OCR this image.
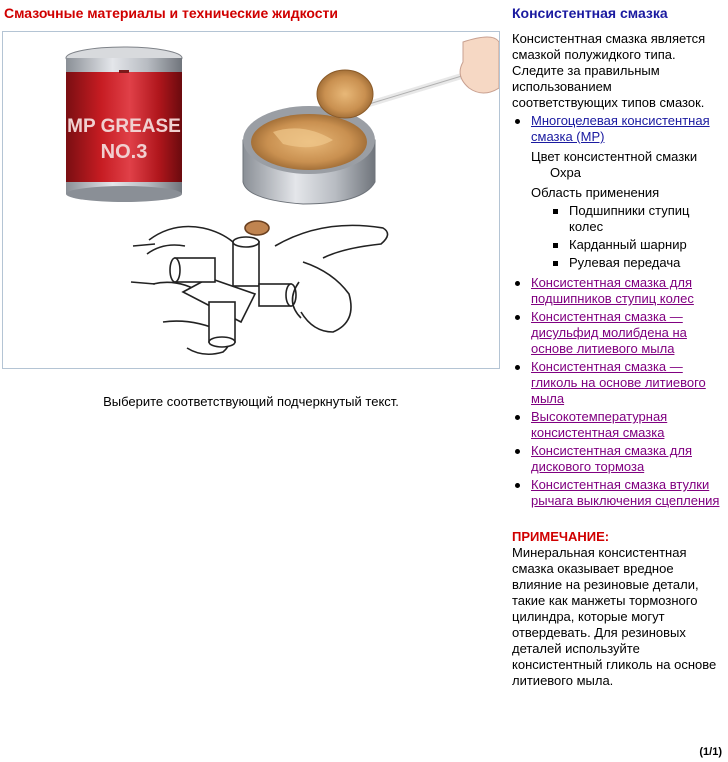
Смазочные материалы и технические жидкости
MP GREASE
NO.3
Выберите соответствующий подчеркнутый текст.
Консистентная смазка

Консистентная смазка является смазкой полужидкого типа. Следите за правильным использованием соответствующих типов смазок.

Многоцелевая консистентная смазка (MP)
Цвет консистентной смазки
Охра
Область применения
Подшипники ступиц колес
Карданный шарнир
Рулевая передача
Консистентная смазка для подшипников ступиц колес
Консистентная смазка — дисульфид молибдена на основе литиевого мыла
Консистентная смазка — гликоль на основе литиевого мыла
Высокотемпературная консистентная смазка
Консистентная смазка для дискового тормоза
Консистентная смазка втулки рычага выключения сцепления
ПРИМЕЧАНИЕ:

Минеральная консистентная смазка оказывает вредное влияние на резиновые детали, такие как манжеты тормозного цилиндра, которые могут отвердевать. Для резиновых деталей используйте консистентный гликоль на основе литиевого мыла.

(1/1)
